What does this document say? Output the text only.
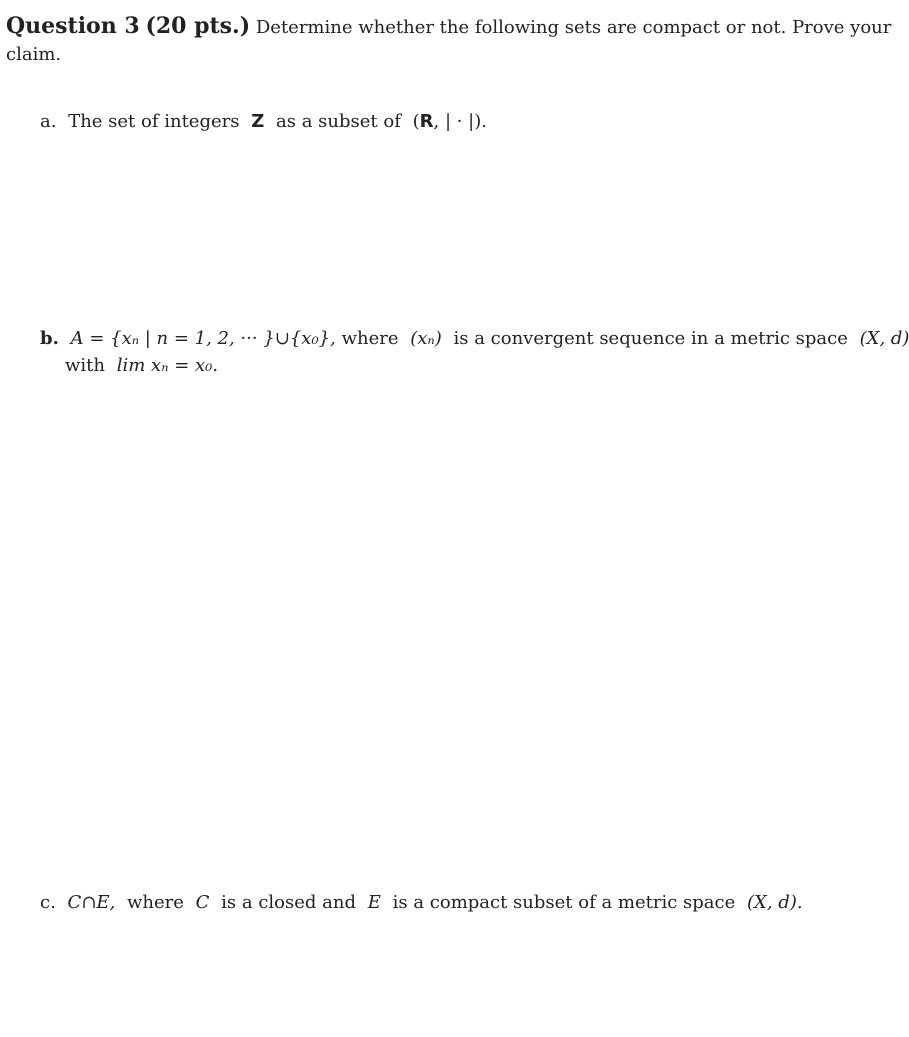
Question 3 (20 pts.) Determine whether the following sets are compact or not. Prove your
claim.
a. The set of integers Z as a subset of (R, | · |).
b. A = {xₙ | n = 1, 2, ··· }∪{x₀}, where (xₙ) is a convergent sequence in a metric space (X, d)
with lim xₙ = x₀.
c. C∩E, where C is a closed and E is a compact subset of a metric space (X, d).
